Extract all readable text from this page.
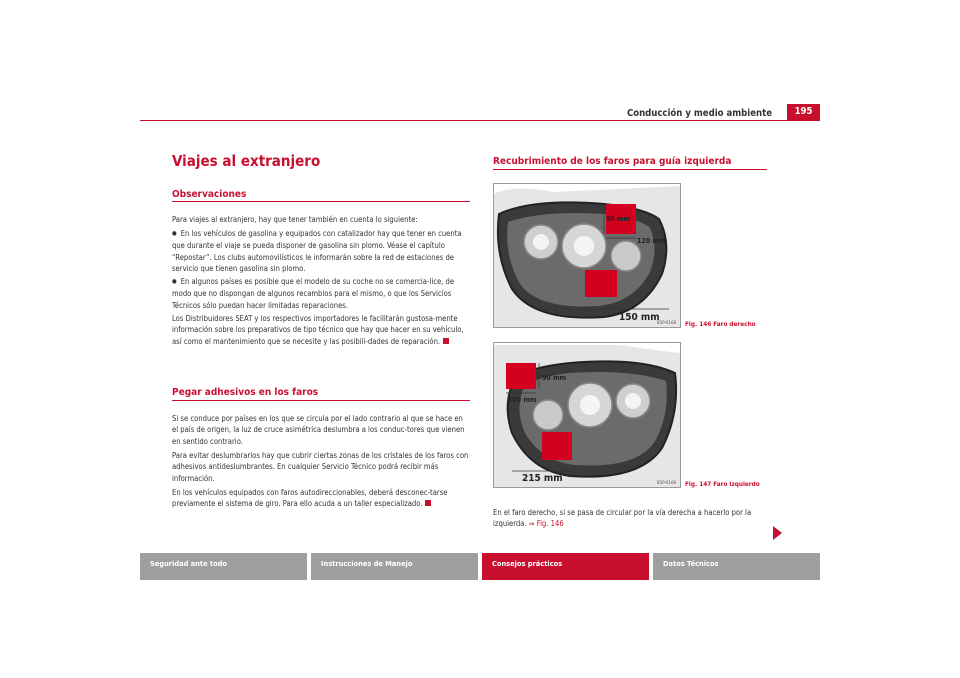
Conducción y medio ambiente	195
Viajes al extranjero
Observaciones

Para viajes al extranjero, hay que tener también en cuenta lo siguiente:

● En los vehículos de gasolina y equipados con catalizador hay que tener en cuenta que durante el viaje se pueda disponer de gasolina sin plomo. Véase el capítulo “Repostar”. Los clubs automovilísticos le informarán sobre la red de estaciones de servicio que tienen gasolina sin plomo.

● En algunos países es posible que el modelo de su coche no se comercia-lice, de modo que no dispongan de algunos recambios para el mismo, o que los Servicios Técnicos sólo puedan hacer limitadas reparaciones.

Los Distribuidores SEAT y los respectivos importadores le facilitarán gustosa-mente información sobre los preparativos de tipo técnico que hay que hacer en su vehículo, así como el mantenimiento que se necesite y las posibili-dades de reparación.

Pegar adhesivos en los faros

Si se conduce por países en los que se circula por el lado contrario al que se hace en el país de origen, la luz de cruce asimétrica deslumbra a los conduc-tores que vienen en sentido contrario.

Para evitar deslumbrarlos hay que cubrir ciertas zonas de los cristales de los faros con adhesivos antideslumbrantes. En cualquier Servicio Técnico podrá recibir más información.

En los vehículos equipados con faros autodireccionables, deberá desconec-tarse previamente el sistema de giro. Para ello acuda a un taller especializado.

Recubrimiento de los faros para guía izquierda
90 mm
120 mm
150 mm
B5P-0168 Fig. 146 Faro derecho
90 mm
100 mm
215 mm	B5P-0169 Fig. 147 Faro izquierdo

En el faro derecho, si se pasa de circular por la vía derecha a hacerlo por la izquierda. ⇒ Fig. 146

Seguridad ante todo	Instrucciones de Manejo	Consejos prácticos	Datos Técnicos
